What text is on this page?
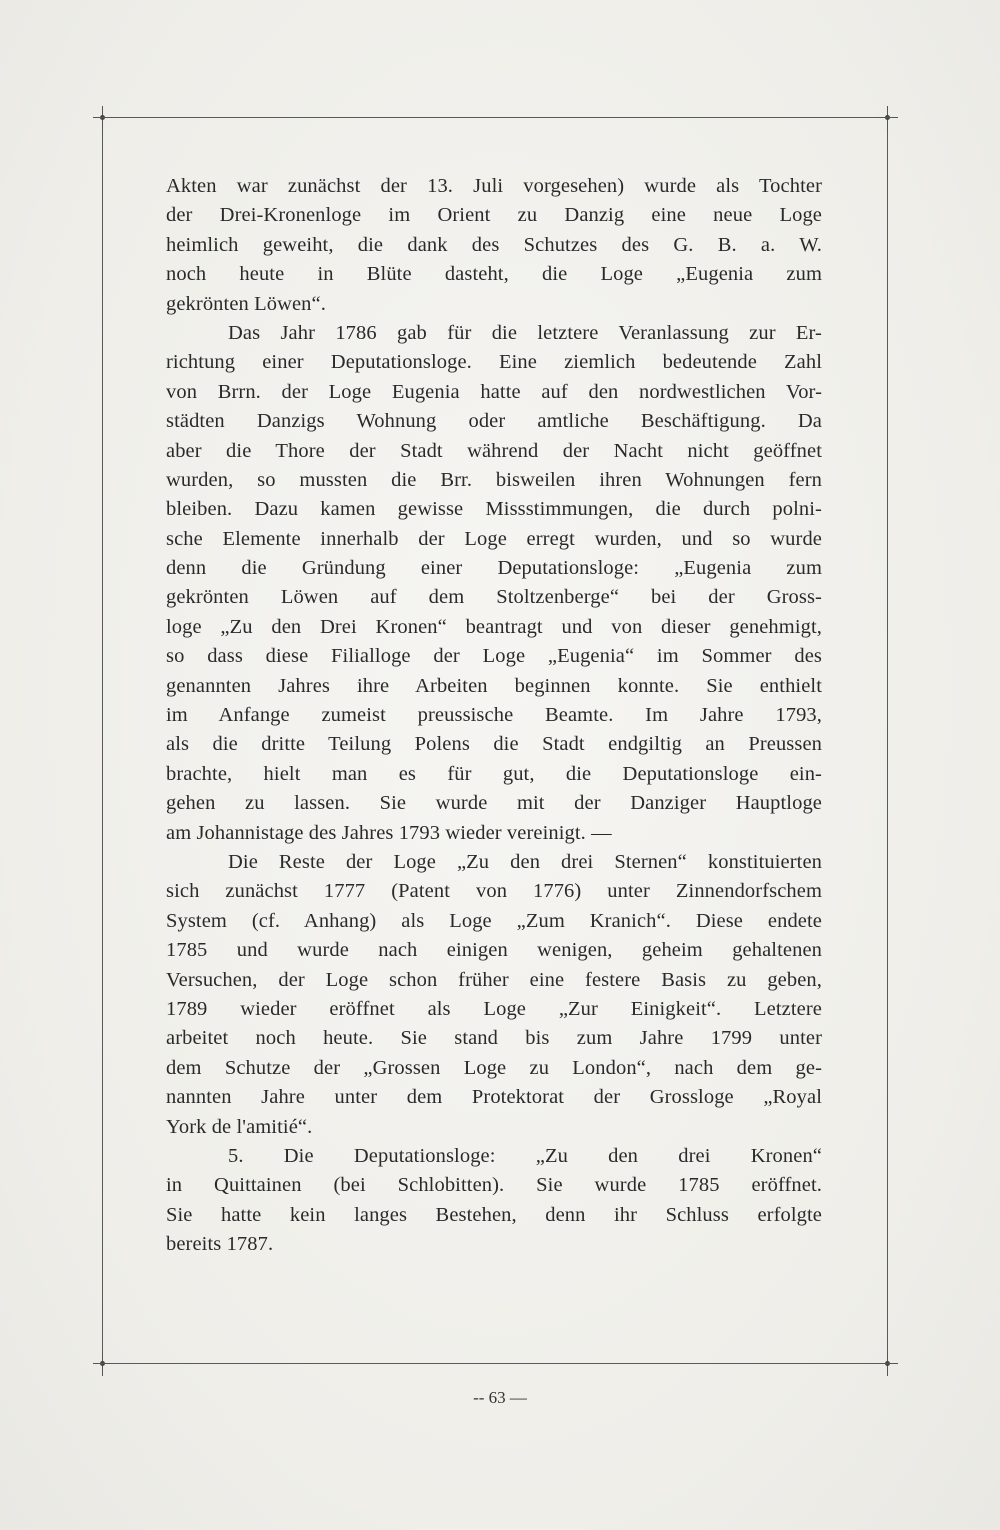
Akten war zunächst der 13. Juli vorgesehen) wurde als Tochter
der Drei-Kronenloge im Orient zu Danzig eine neue Loge
heimlich geweiht, die dank des Schutzes des G. B. a. W.
noch heute in Blüte dasteht, die Loge „Eugenia zum
gekrönten Löwen“.
Das Jahr 1786 gab für die letztere Veranlassung zur Er-
richtung einer Deputationsloge. Eine ziemlich bedeutende Zahl
von Brrn. der Loge Eugenia hatte auf den nordwestlichen Vor-
städten Danzigs Wohnung oder amtliche Beschäftigung. Da
aber die Thore der Stadt während der Nacht nicht geöffnet
wurden, so mussten die Brr. bisweilen ihren Wohnungen fern
bleiben. Dazu kamen gewisse Missstimmungen, die durch polni-
sche Elemente innerhalb der Loge erregt wurden, und so wurde
denn die Gründung einer Deputationsloge: „Eugenia zum
gekrönten Löwen auf dem Stoltzenberge“ bei der Gross-
loge „Zu den Drei Kronen“ beantragt und von dieser genehmigt,
so dass diese Filialloge der Loge „Eugenia“ im Sommer des
genannten Jahres ihre Arbeiten beginnen konnte. Sie enthielt
im Anfange zumeist preussische Beamte. Im Jahre 1793,
als die dritte Teilung Polens die Stadt endgiltig an Preussen
brachte, hielt man es für gut, die Deputationsloge ein-
gehen zu lassen. Sie wurde mit der Danziger Hauptloge
am Johannistage des Jahres 1793 wieder vereinigt. —
Die Reste der Loge „Zu den drei Sternen“ konstituierten
sich zunächst 1777 (Patent von 1776) unter Zinnendorfschem
System (cf. Anhang) als Loge „Zum Kranich“. Diese endete
1785 und wurde nach einigen wenigen, geheim gehaltenen
Versuchen, der Loge schon früher eine festere Basis zu geben,
1789 wieder eröffnet als Loge „Zur Einigkeit“. Letztere
arbeitet noch heute. Sie stand bis zum Jahre 1799 unter
dem Schutze der „Grossen Loge zu London“, nach dem ge-
nannten Jahre unter dem Protektorat der Grossloge „Royal
York de l'amitié“.
5. Die Deputationsloge: „Zu den drei Kronen“
in Quittainen (bei Schlobitten). Sie wurde 1785 eröffnet.
Sie hatte kein langes Bestehen, denn ihr Schluss erfolgte
bereits 1787.
-- 63 —
